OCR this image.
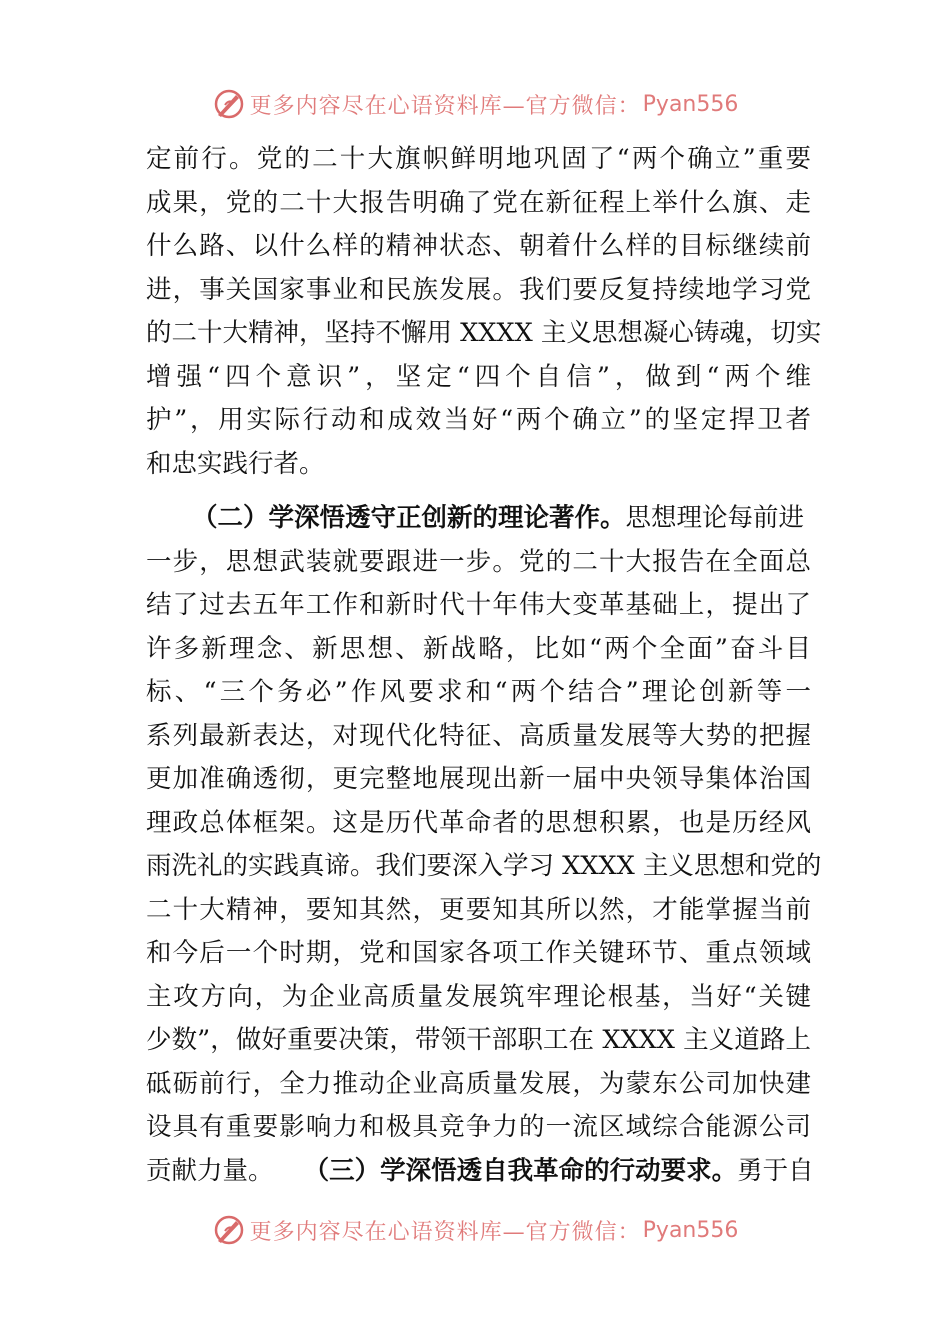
更多内容尽在心语资料库—官方微信： Pyan556
定前行。党的二十大旗帜鲜明地巩固了“两个确立”重要
成果，党的二十大报告明确了党在新征程上举什么旗、走
什么路、以什么样的精神状态、朝着什么样的目标继续前
进，事关国家事业和民族发展。我们要反复持续地学习党
的二十大精神，坚持不懈用 XXXX 主义思想凝心铸魂，切实
增强“四个意识”，坚定“四个自信”，做到“两个维
护”，用实际行动和成效当好“两个确立”的坚定捍卫者
和忠实践行者。
（二）学深悟透守正创新的理论著作。思想理论每前进
一步，思想武装就要跟进一步。党的二十大报告在全面总
结了过去五年工作和新时代十年伟大变革基础上，提出了
许多新理念、新思想、新战略，比如“两个全面”奋斗目
标、“三个务必”作风要求和“两个结合”理论创新等一
系列最新表达，对现代化特征、高质量发展等大势的把握
更加准确透彻，更完整地展现出新一届中央领导集体治国
理政总体框架。这是历代革命者的思想积累，也是历经风
雨洗礼的实践真谛。我们要深入学习 XXXX 主义思想和党的
二十大精神，要知其然，更要知其所以然，才能掌握当前
和今后一个时期，党和国家各项工作关键环节、重点领域
主攻方向，为企业高质量发展筑牢理论根基，当好“关键
少数”，做好重要决策，带领干部职工在 XXXX 主义道路上
砥砺前行，全力推动企业高质量发展，为蒙东公司加快建
设具有重要影响力和极具竞争力的一流区域综合能源公司
贡献力量。 （三）学深悟透自我革命的行动要求。勇于自
更多内容尽在心语资料库—官方微信： Pyan556
